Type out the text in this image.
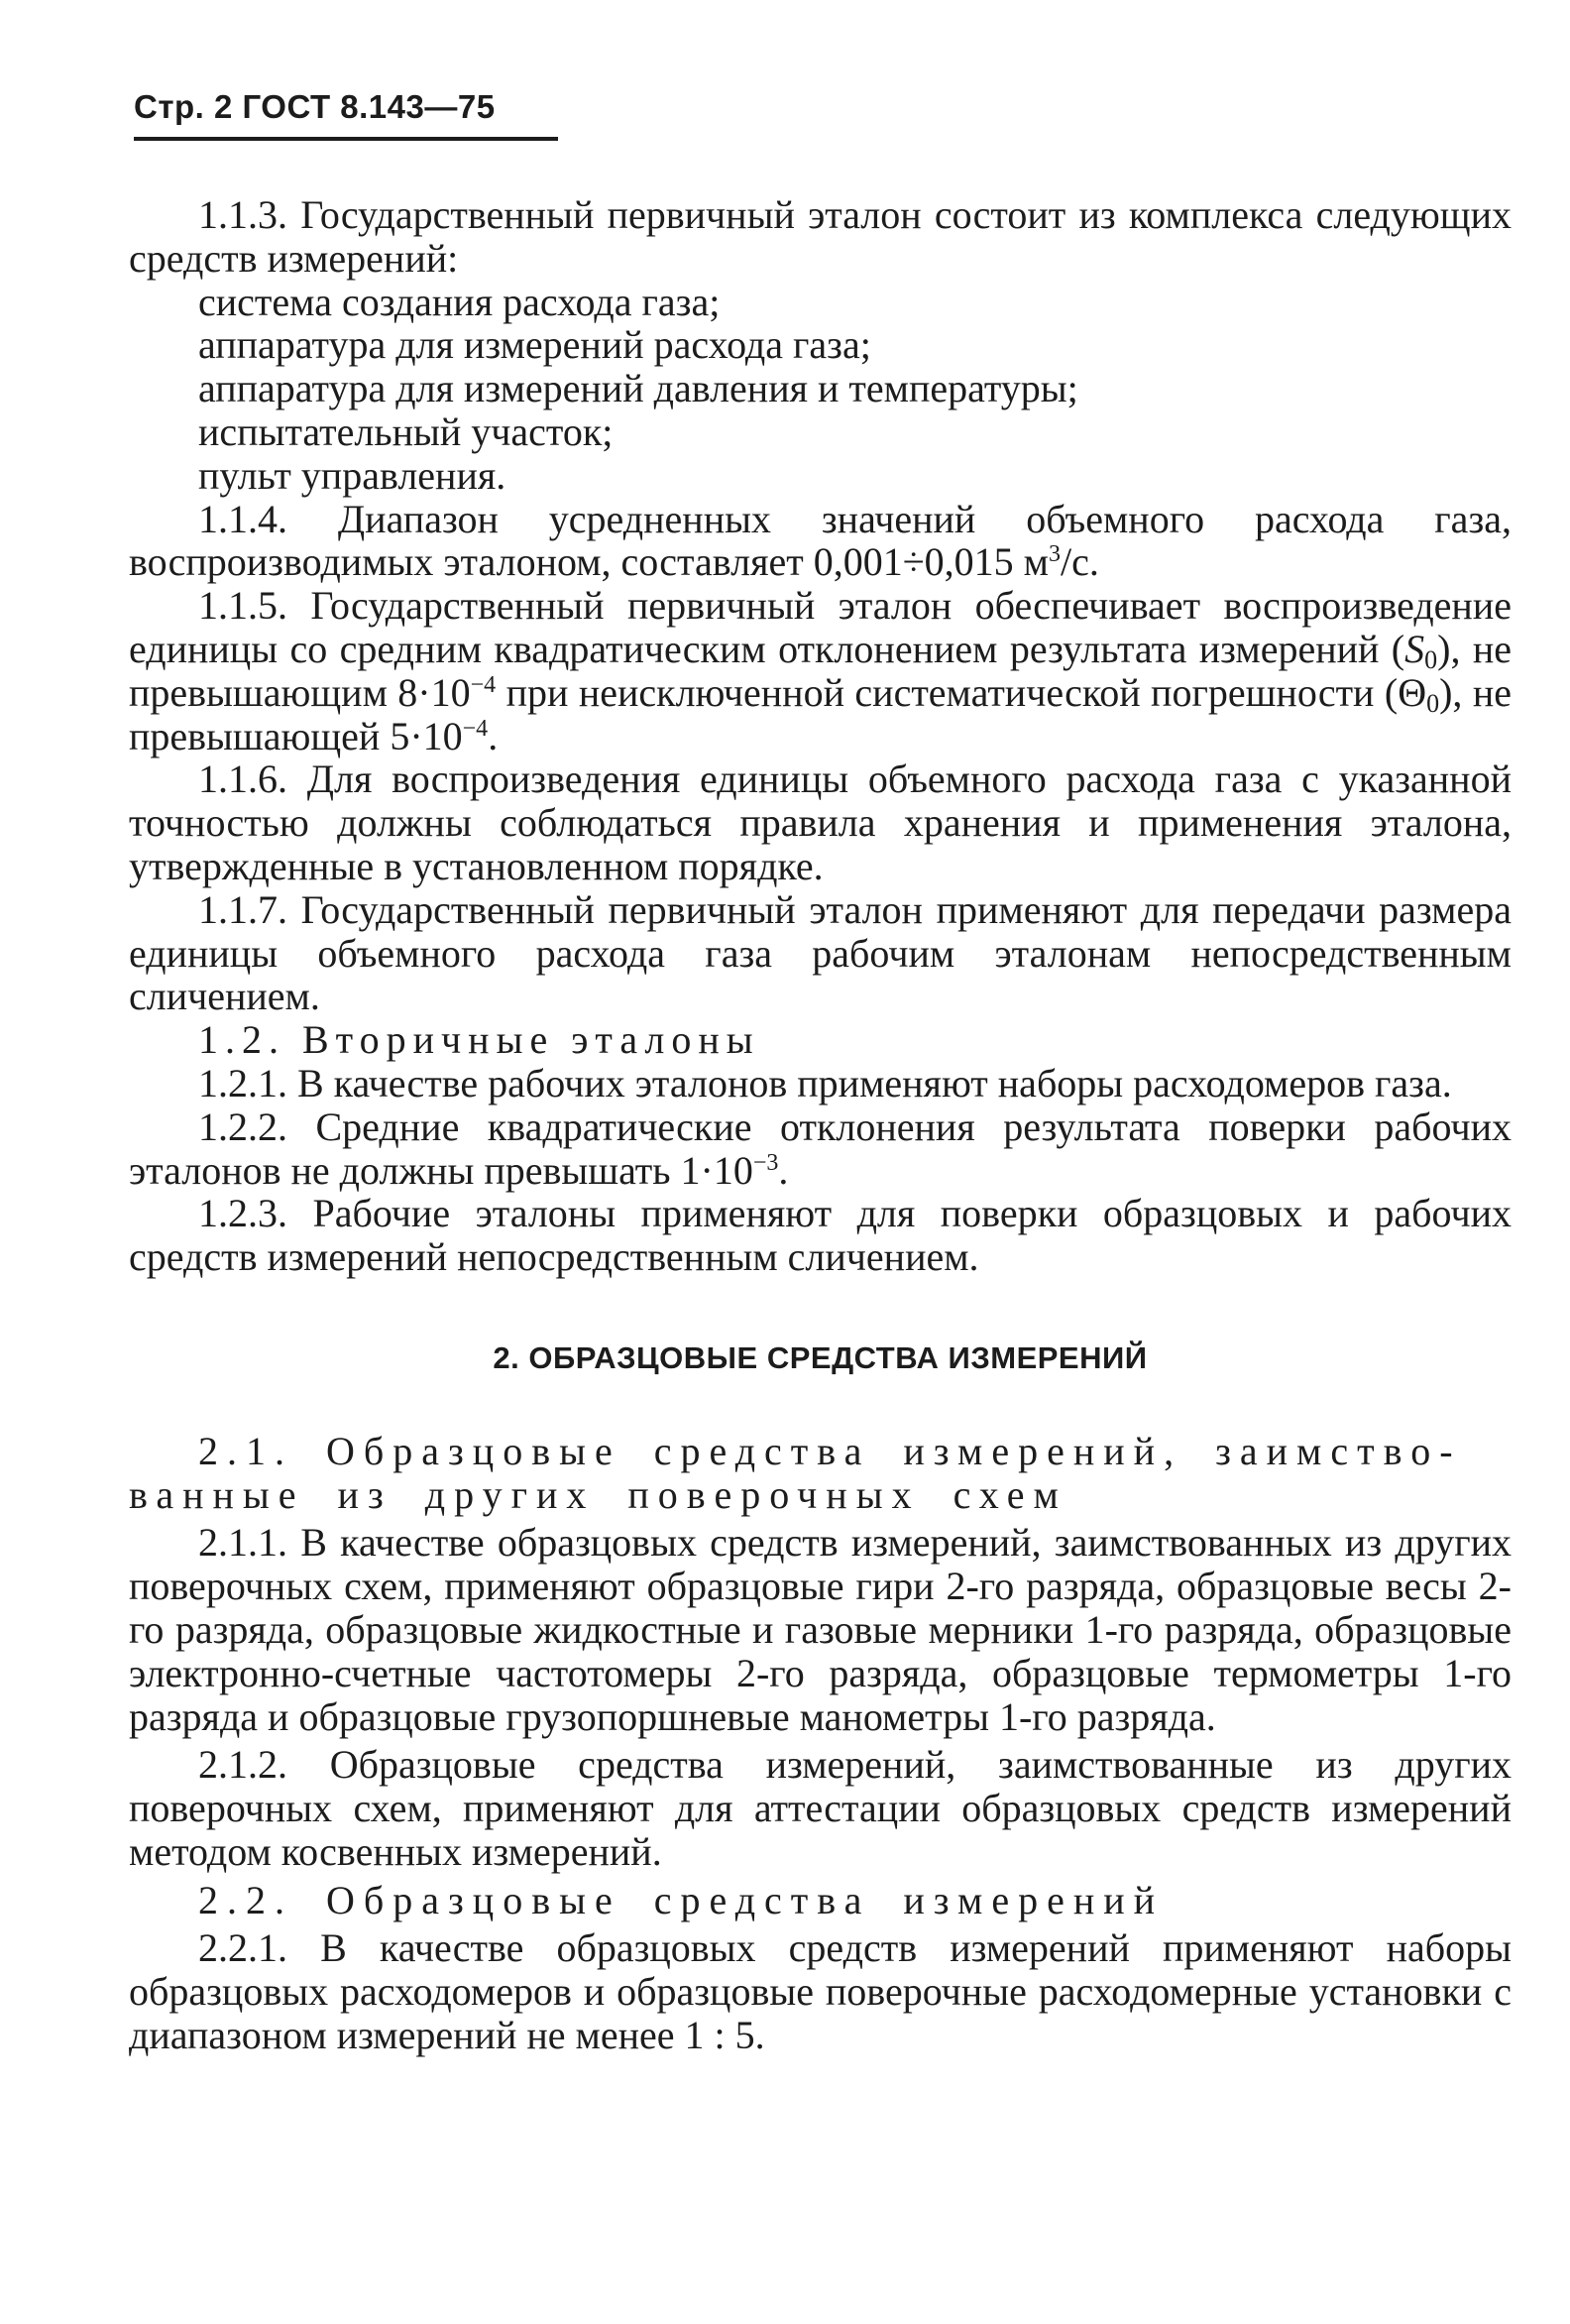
Стр. 2 ГОСТ 8.143—75

1.1.3. Государственный первичный эталон состоит из комплекса следующих средств измерений:

система создания расхода газа;

аппаратура для измерений расхода газа;

аппаратура для измерений давления и температуры;

испытательный участок;

пульт управления.

1.1.4. Диапазон усредненных значений объемного расхода газа, воспроизводимых эталоном, составляет 0,001÷0,015 $м^3/с$.

1.1.5. Государственный первичный эталон обеспечивает воспроизведение единицы со средним квадратическим отклонением результата измерений $(S_0)$, не превышающим $8\cdot 10^{-4}$ при неисключенной систематической погрешности $(\Theta_0)$, не превышающей $5\cdot 10^{-4}$.

1.1.6. Для воспроизведения единицы объемного расхода газа с указанной точностью должны соблюдаться правила хранения и применения эталона, утвержденные в установленном порядке.

1.1.7. Государственный первичный эталон применяют для передачи размера единицы объемного расхода газа рабочим эталонам непосредственным сличением.

1.2. Вторичные эталоны

1.2.1. В качестве рабочих эталонов применяют наборы расходомеров газа.

1.2.2. Средние квадратические отклонения результата поверки рабочих эталонов не должны превышать $1\cdot 10^{-3}$.

1.2.3. Рабочие эталоны применяют для поверки образцовых и рабочих средств измерений непосредственным сличением.

2. ОБРАЗЦОВЫЕ СРЕДСТВА ИЗМЕРЕНИЙ

2.1. Образцовые средства измерений, заимствованные из других поверочных схем

2.1.1. В качестве образцовых средств измерений, заимствованных из других поверочных схем, применяют образцовые гири 2-го разряда, образцовые весы 2-го разряда, образцовые жидкостные и газовые мерники 1-го разряда, образцовые электронно-счетные частотомеры 2-го разряда, образцовые термометры 1-го разряда и образцовые грузопоршневые манометры 1-го разряда.

2.1.2. Образцовые средства измерений, заимствованные из других поверочных схем, применяют для аттестации образцовых средств измерений методом косвенных измерений.

2.2. Образцовые средства измерений

2.2.1. В качестве образцовых средств измерений применяют наборы образцовых расходомеров и образцовые поверочные расходомерные установки с диапазоном измерений не менее 1 : 5.
